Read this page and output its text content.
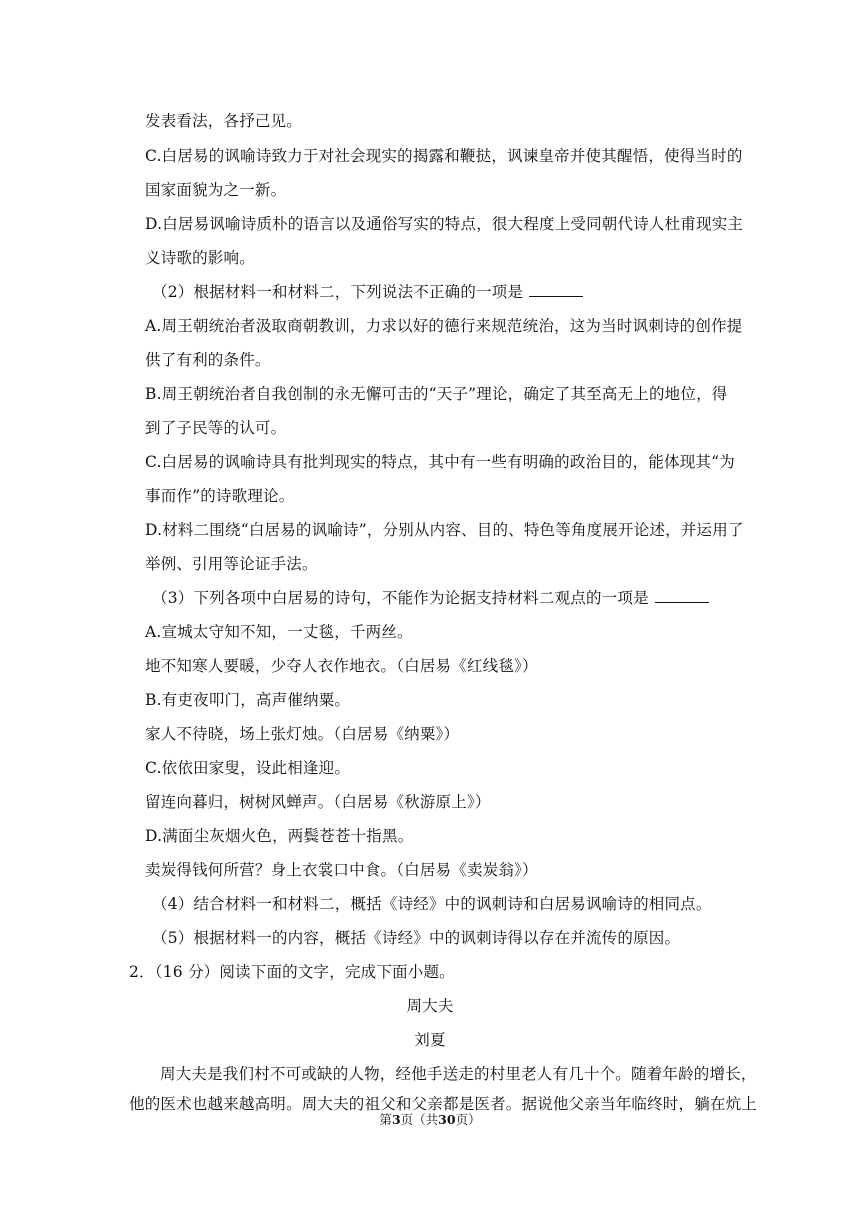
发表看法，各抒己见。
C.白居易的讽喻诗致力于对社会现实的揭露和鞭挞，讽谏皇帝并使其醒悟，使得当时的
国家面貌为之一新。
D.白居易讽喻诗质朴的语言以及通俗写实的特点，很大程度上受同朝代诗人杜甫现实主
义诗歌的影响。
（2）根据材料一和材料二，下列说法不正确的一项是
A.周王朝统治者汲取商朝教训，力求以好的德行来规范统治，这为当时讽刺诗的创作提
供了有利的条件。
B.周王朝统治者自我创制的永无懈可击的“天子”理论，确定了其至高无上的地位，得
到了子民等的认可。
C.白居易的讽喻诗具有批判现实的特点，其中有一些有明确的政治目的，能体现其“为
事而作”的诗歌理论。
D.材料二围绕“白居易的讽喻诗”，分别从内容、目的、特色等角度展开论述，并运用了
举例、引用等论证手法。
（3）下列各项中白居易的诗句，不能作为论据支持材料二观点的一项是
A.宣城太守知不知，一丈毯，千两丝。
地不知寒人要暖，少夺人衣作地衣。（白居易《红线毯》）
B.有吏夜叩门，高声催纳粟。
家人不待晓，场上张灯烛。（白居易《纳粟》）
C.依依田家叟，设此相逢迎。
留连向暮归，树树风蝉声。（白居易《秋游原上》）
D.满面尘灰烟火色，两鬓苍苍十指黑。
卖炭得钱何所营？身上衣裳口中食。（白居易《卖炭翁》）
（4）结合材料一和材料二，概括《诗经》中的讽刺诗和白居易讽喻诗的相同点。
（5）根据材料一的内容，概括《诗经》中的讽刺诗得以存在并流传的原因。
2．（16 分）阅读下面的文字，完成下面小题。
周大夫
刘夏
周大夫是我们村不可或缺的人物，经他手送走的村里老人有几十个。随着年龄的增长，
他的医术也越来越高明。周大夫的祖父和父亲都是医者。据说他父亲当年临终时，躺在炕上
第3页（共30页）
